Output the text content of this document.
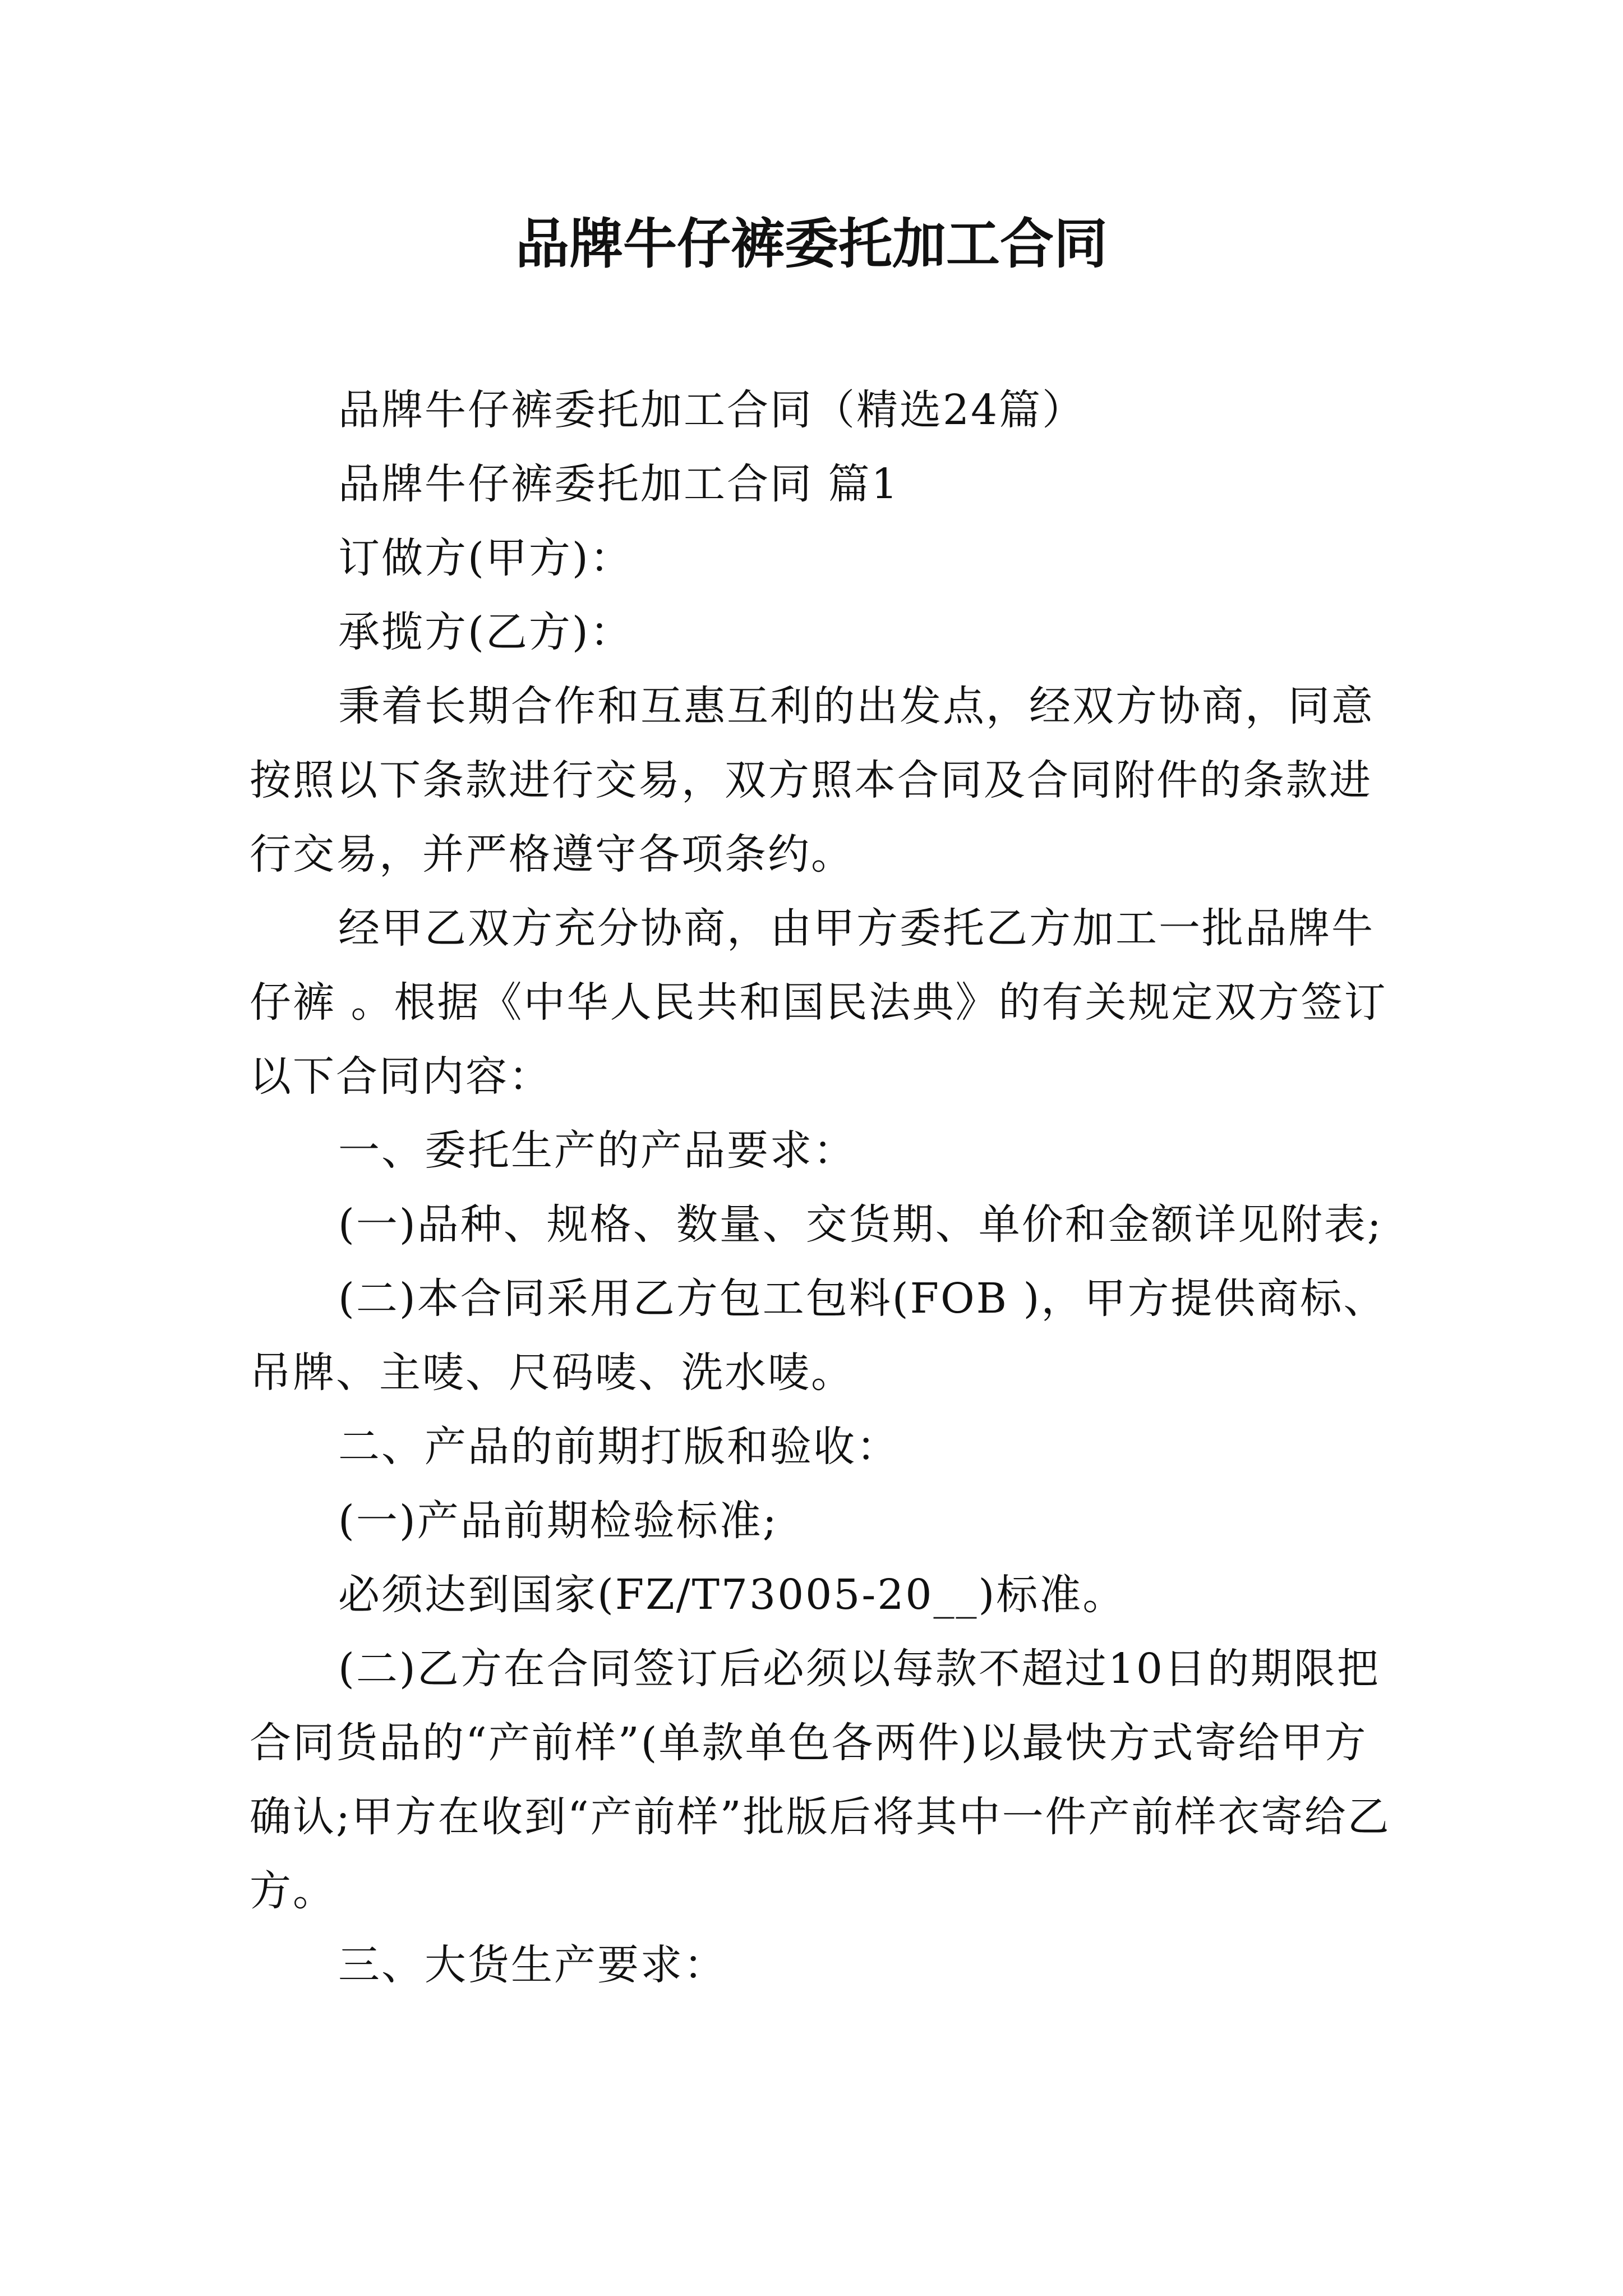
品牌牛仔裤委托加工合同

品牌牛仔裤委托加工合同（精选24篇）

品牌牛仔裤委托加工合同 篇1

订做方(甲方)：

承揽方(乙方)：

秉着长期合作和互惠互利的出发点，经双方协商，同意按照以下条款进行交易，双方照本合同及合同附件的条款进行交易，并严格遵守各项条约。

经甲乙双方充分协商，由甲方委托乙方加工一批品牌牛仔裤 。根据《中华人民共和国民法典》的有关规定双方签订以下合同内容：

一、委托生产的产品要求：

(一)品种、规格、数量、交货期、单价和金额详见附表;

(二)本合同采用乙方包工包料(FOB )，甲方提供商标、吊牌、主唛、尺码唛、洗水唛。

二、产品的前期打版和验收：

(一)产品前期检验标准;

必须达到国家(FZ/T73005-20__)标准。

(二)乙方在合同签订后必须以每款不超过10日的期限把合同货品的“产前样”(单款单色各两件)以最快方式寄给甲方确认;甲方在收到“产前样”批版后将其中一件产前样衣寄给乙方。

三、大货生产要求：
